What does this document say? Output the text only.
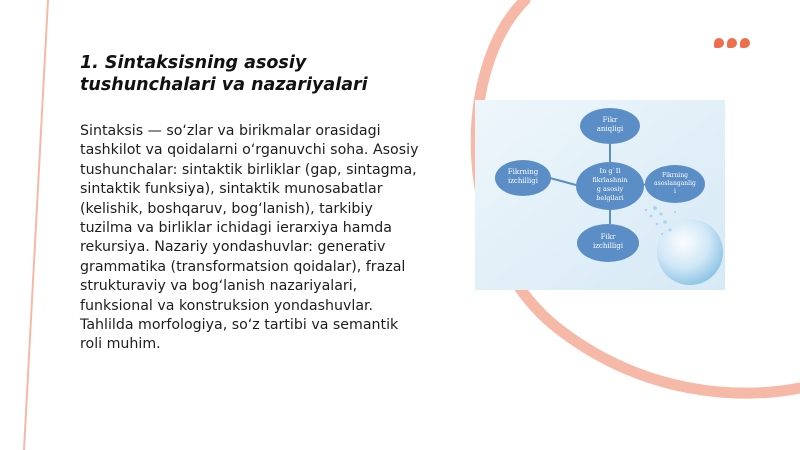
1. Sintaksisning asosiy tushunchalari va nazariyalari

Sintaksis — so‘zlar va birikmalar orasidagi tashkilot va qoidalarni o‘rganuvchi soha. Asosiy tushunchalar: sintaktik birliklar (gap, sintagma, sintaktik funksiya), sintaktik munosabatlar (kelishik, boshqaruv, bog‘lanish), tarkibiy tuzilma va birliklar ichidagi ierarxiya hamda rekursiya. Nazariy yondashuvlar: generativ grammatika (transformatsion qoidalar), frazal strukturaviy va bog‘lanish nazariyalari, funksional va konstruksion yondashuvlar. Tahlilda morfologiya, so‘z tartibi va semantik roli muhim.

Fikr
aniqligi
Fikrning
izchilligi
In g`Il
fikrlashnin
g asosiy
belgilari
Fikrning
asoslanganlig
i
Fikr
izchilligi
